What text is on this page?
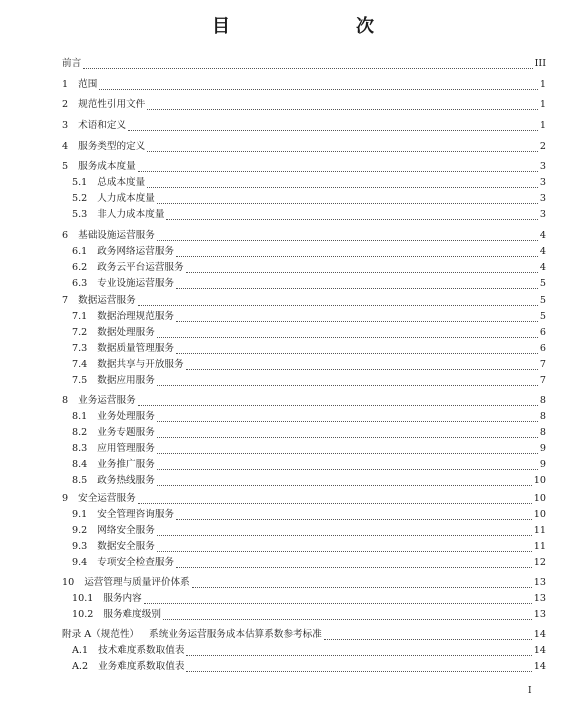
目　　次
前言	III
1 范围	1
2 规范性引用文件	1
3 术语和定义	1
4 服务类型的定义	2
5 服务成本度量	3
5.1 总成本度量	3
5.2 人力成本度量	3
5.3 非人力成本度量	3
6 基础设施运营服务	4
6.1 政务网络运营服务	4
6.2 政务云平台运营服务	4
6.3 专业设施运营服务	5
7 数据运营服务	5
7.1 数据治理规范服务	5
7.2 数据处理服务	6
7.3 数据质量管理服务	6
7.4 数据共享与开放服务	7
7.5 数据应用服务	7
8 业务运营服务	8
8.1 业务处理服务	8
8.2 业务专题服务	8
8.3 应用管理服务	9
8.4 业务推广服务	9
8.5 政务热线服务	10
9 安全运营服务	10
9.1 安全管理咨询服务	10
9.2 网络安全服务	11
9.3 数据安全服务	11
9.4 专项安全检查服务	12
10 运营管理与质量评价体系	13
10.1 服务内容	13
10.2 服务难度级别	13
附录 A（规范性） 系统业务运营服务成本估算系数参考标准	14
A.1 技术难度系数取值表	14
A.2 业务难度系数取值表	14
I
